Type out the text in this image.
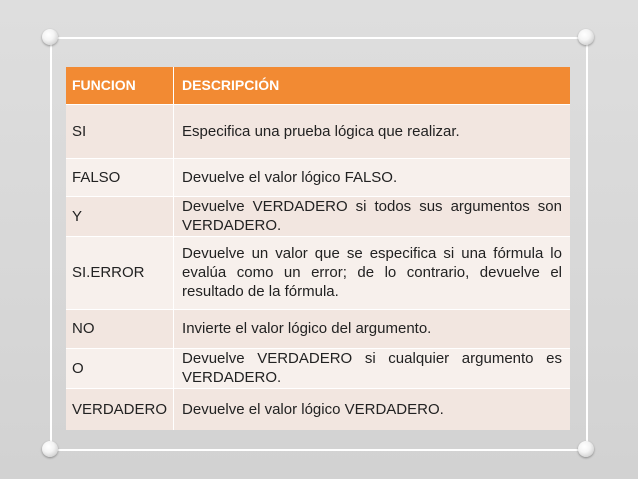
FUNCION	DESCRIPCIÓN
SI	Especifica una prueba lógica que realizar.
FALSO	Devuelve el valor lógico FALSO.
Y	Devuelve VERDADERO si todos sus argumentos son VERDADERO.
SI.ERROR	Devuelve un valor que se especifica si una fórmula lo evalúa como un error; de lo contrario, devuelve el resultado de la fórmula.
NO	Invierte el valor lógico del argumento.
O	Devuelve VERDADERO si cualquier argumento es VERDADERO.
VERDADERO	Devuelve el valor lógico VERDADERO.
